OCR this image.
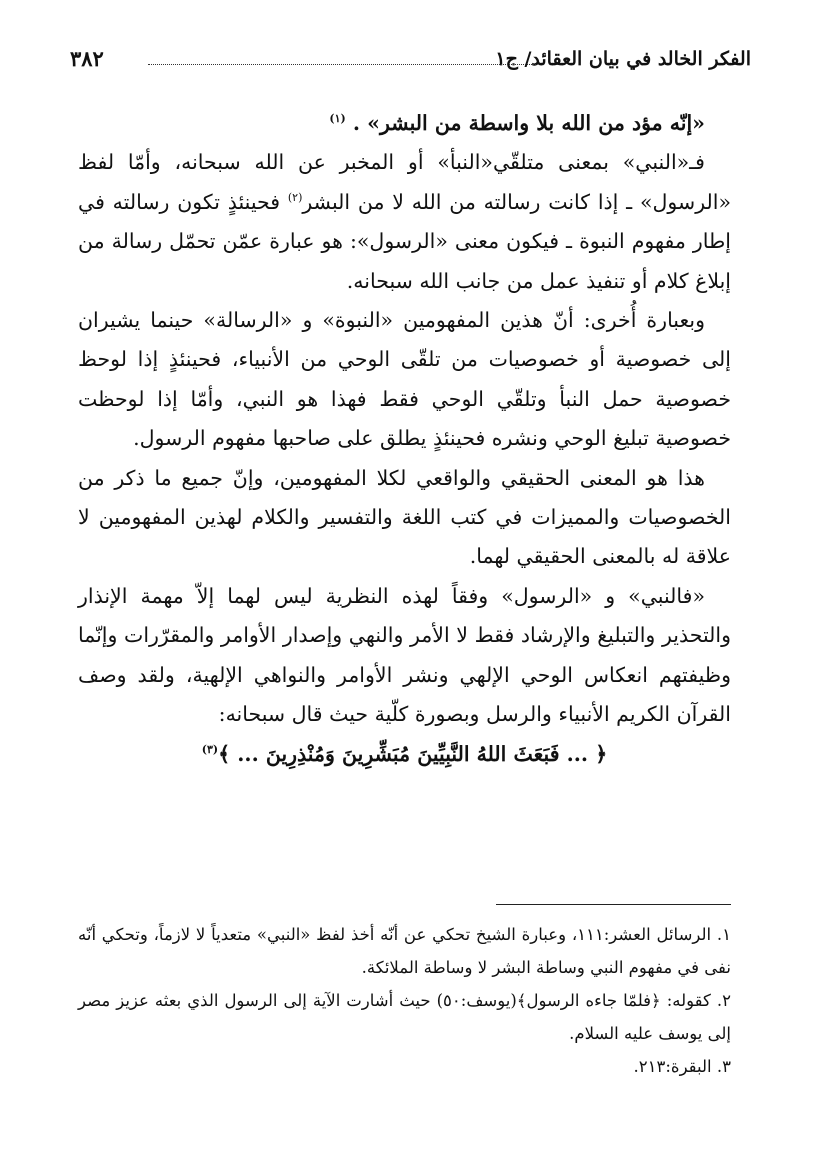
الفكر الخالد في بيان العقائد/ ج١
٣٨٢

«إنّه مؤد من الله بلا واسطة من البشر» . $^{(١)}$

فـ«النبي» بمعنى متلقّي«النبأ» أو المخبر عن الله سبحانه، وأمّا لفظ «الرسول» ـ إذا كانت رسالته من الله لا من البشر$^{(٢)}$ فحينئذٍ تكون رسالته في إطار مفهوم النبوة ـ فيكون معنى «الرسول»: هو عبارة عمّن تحمّل رسالة من إبلاغ كلام أو تنفيذ عمل من جانب الله سبحانه.

وبعبارة أُخرى: أنّ هذين المفهومين «النبوة» و «الرسالة» حينما يشيران إلى خصوصية أو خصوصيات من تلقّى الوحي من الأنبياء، فحينئذٍ إذا لوحظ خصوصية حمل النبأ وتلقّي الوحي فقط فهذا هو النبي، وأمّا إذا لوحظت خصوصية تبليغ الوحي ونشره فحينئذٍ يطلق على صاحبها مفهوم الرسول.

هذا هو المعنى الحقيقي والواقعي لكلا المفهومين، وإنّ جميع ما ذكر من الخصوصيات والمميزات في كتب اللغة والتفسير والكلام لهذين المفهومين لا علاقة له بالمعنى الحقيقي لهما.

«فالنبي» و «الرسول» وفقاً لهذه النظرية ليس لهما إلاّ مهمة الإنذار والتحذير والتبليغ والإرشاد فقط لا الأمر والنهي وإصدار الأوامر والمقرّرات وإنّما وظيفتهم انعكاس الوحي الإلهي ونشر الأوامر والنواهي الإلهية، ولقد وصف القرآن الكريم الأنبياء والرسل وبصورة كلّية حيث قال سبحانه:

﴿ ... فَبَعَثَ اللهُ النَّبِيِّينَ مُبَشِّرِينَ وَمُنْذِرِينَ ... ﴾$^{(٣)}$

١. الرسائل العشر:١١١، وعبارة الشيخ تحكي عن أنّه أخذ لفظ «النبي» متعدياً لا لازماً، وتحكي أنّه نفى في مفهوم النبي وساطة البشر لا وساطة الملائكة.

٢. كقوله: ﴿فلمّا جاءه الرسول﴾(يوسف:٥٠) حيث أشارت الآية إلى الرسول الذي بعثه عزيز مصر إلى يوسف عليه السلام.

٣. البقرة:٢١٣.
